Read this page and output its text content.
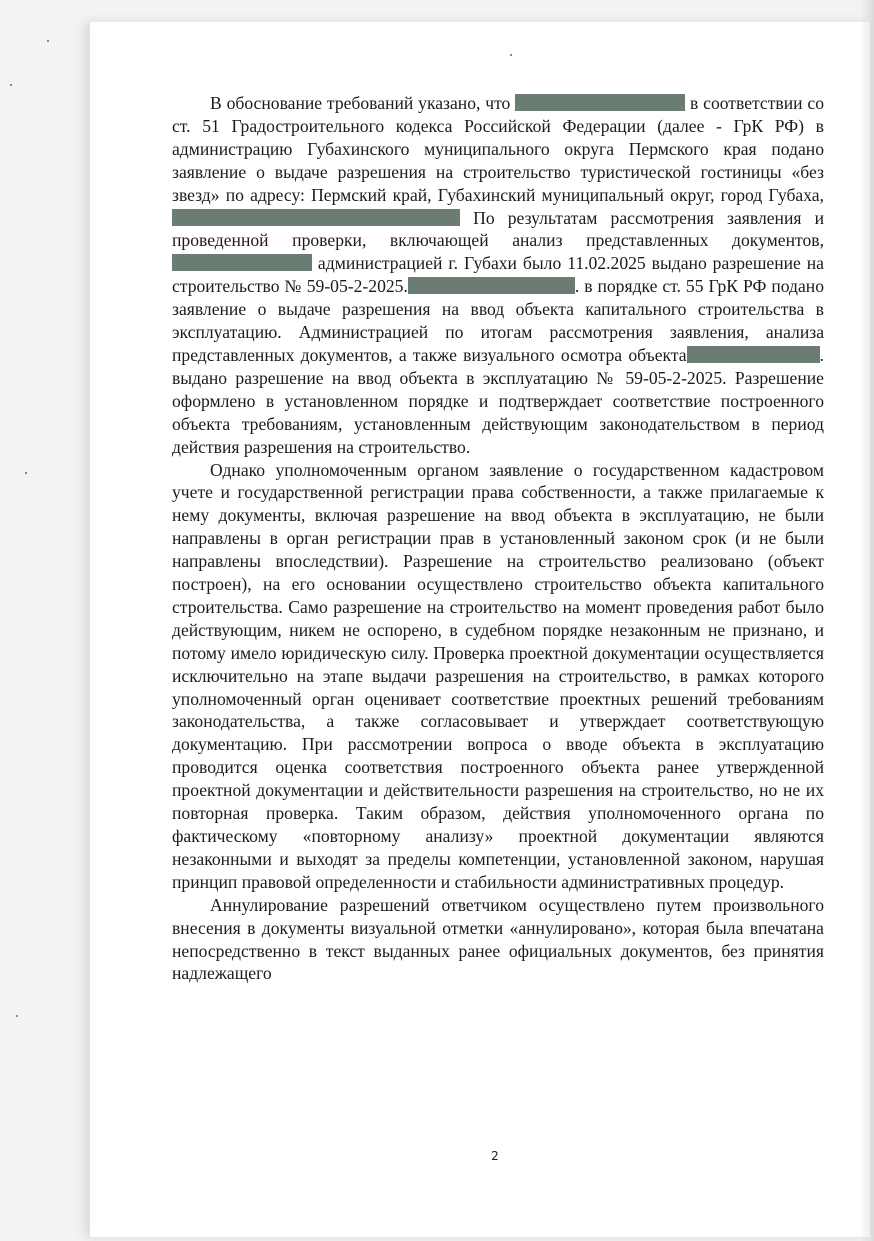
В обоснование требований указано, что	в соответствии со ст. 51 Градостроительного кодекса Российской Федерации (далее - ГрК РФ) в администрацию Губахинского муниципального округа Пермского края подано заявление о выдаче разрешения на строительство туристической гостиницы «без звезд» по адресу: Пермский край, Губахинский муниципальный округ, город Губаха,  По результатам рассмотрения заявления и проведенной проверки, включающей анализ представленных документов,  администрацией г. Губахи было 11.02.2025 выдано разрешение на строительство № 59-05-2-2025.	. в порядке ст. 55 ГрК РФ подано заявление о выдаче разрешения на ввод объекта капитального строительства в эксплуатацию. Администрацией по итогам рассмотрения заявления, анализа представленных документов, а также визуального осмотра объекта	. выдано разрешение на ввод объекта в эксплуатацию № 59-05-2-2025. Разрешение оформлено в установленном порядке и подтверждает соответствие построенного объекта требованиям, установленным действующим законодательством в период действия разрешения на строительство.

Однако уполномоченным органом заявление о государственном кадастровом учете и государственной регистрации права собственности, а также прилагаемые к нему документы, включая разрешение на ввод объекта в эксплуатацию, не были направлены в орган регистрации прав в установленный законом срок (и не были направлены впоследствии). Разрешение на строительство реализовано (объект построен), на его основании осуществлено строительство объекта капитального строительства. Само разрешение на строительство на момент проведения работ было действующим, никем не оспорено, в судебном порядке незаконным не признано, и потому имело юридическую силу. Проверка проектной документации осуществляется исключительно на этапе выдачи разрешения на строительство, в рамках которого уполномоченный орган оценивает соответствие проектных решений требованиям законодательства, а также согласовывает и утверждает соответствующую документацию. При рассмотрении вопроса о вводе объекта в эксплуатацию проводится оценка соответствия построенного объекта ранее утвержденной проектной документации и действительности разрешения на строительство, но не их повторная проверка. Таким образом, действия уполномоченного органа по фактическому «повторному анализу» проектной документации являются незаконными и выходят за пределы компетенции, установленной законом, нарушая принцип правовой определенности и стабильности административных процедур.

Аннулирование разрешений ответчиком осуществлено путем произвольного внесения в документы визуальной отметки «аннулировано», которая была впечатана непосредственно в текст выданных ранее официальных документов, без принятия надлежащего

2
